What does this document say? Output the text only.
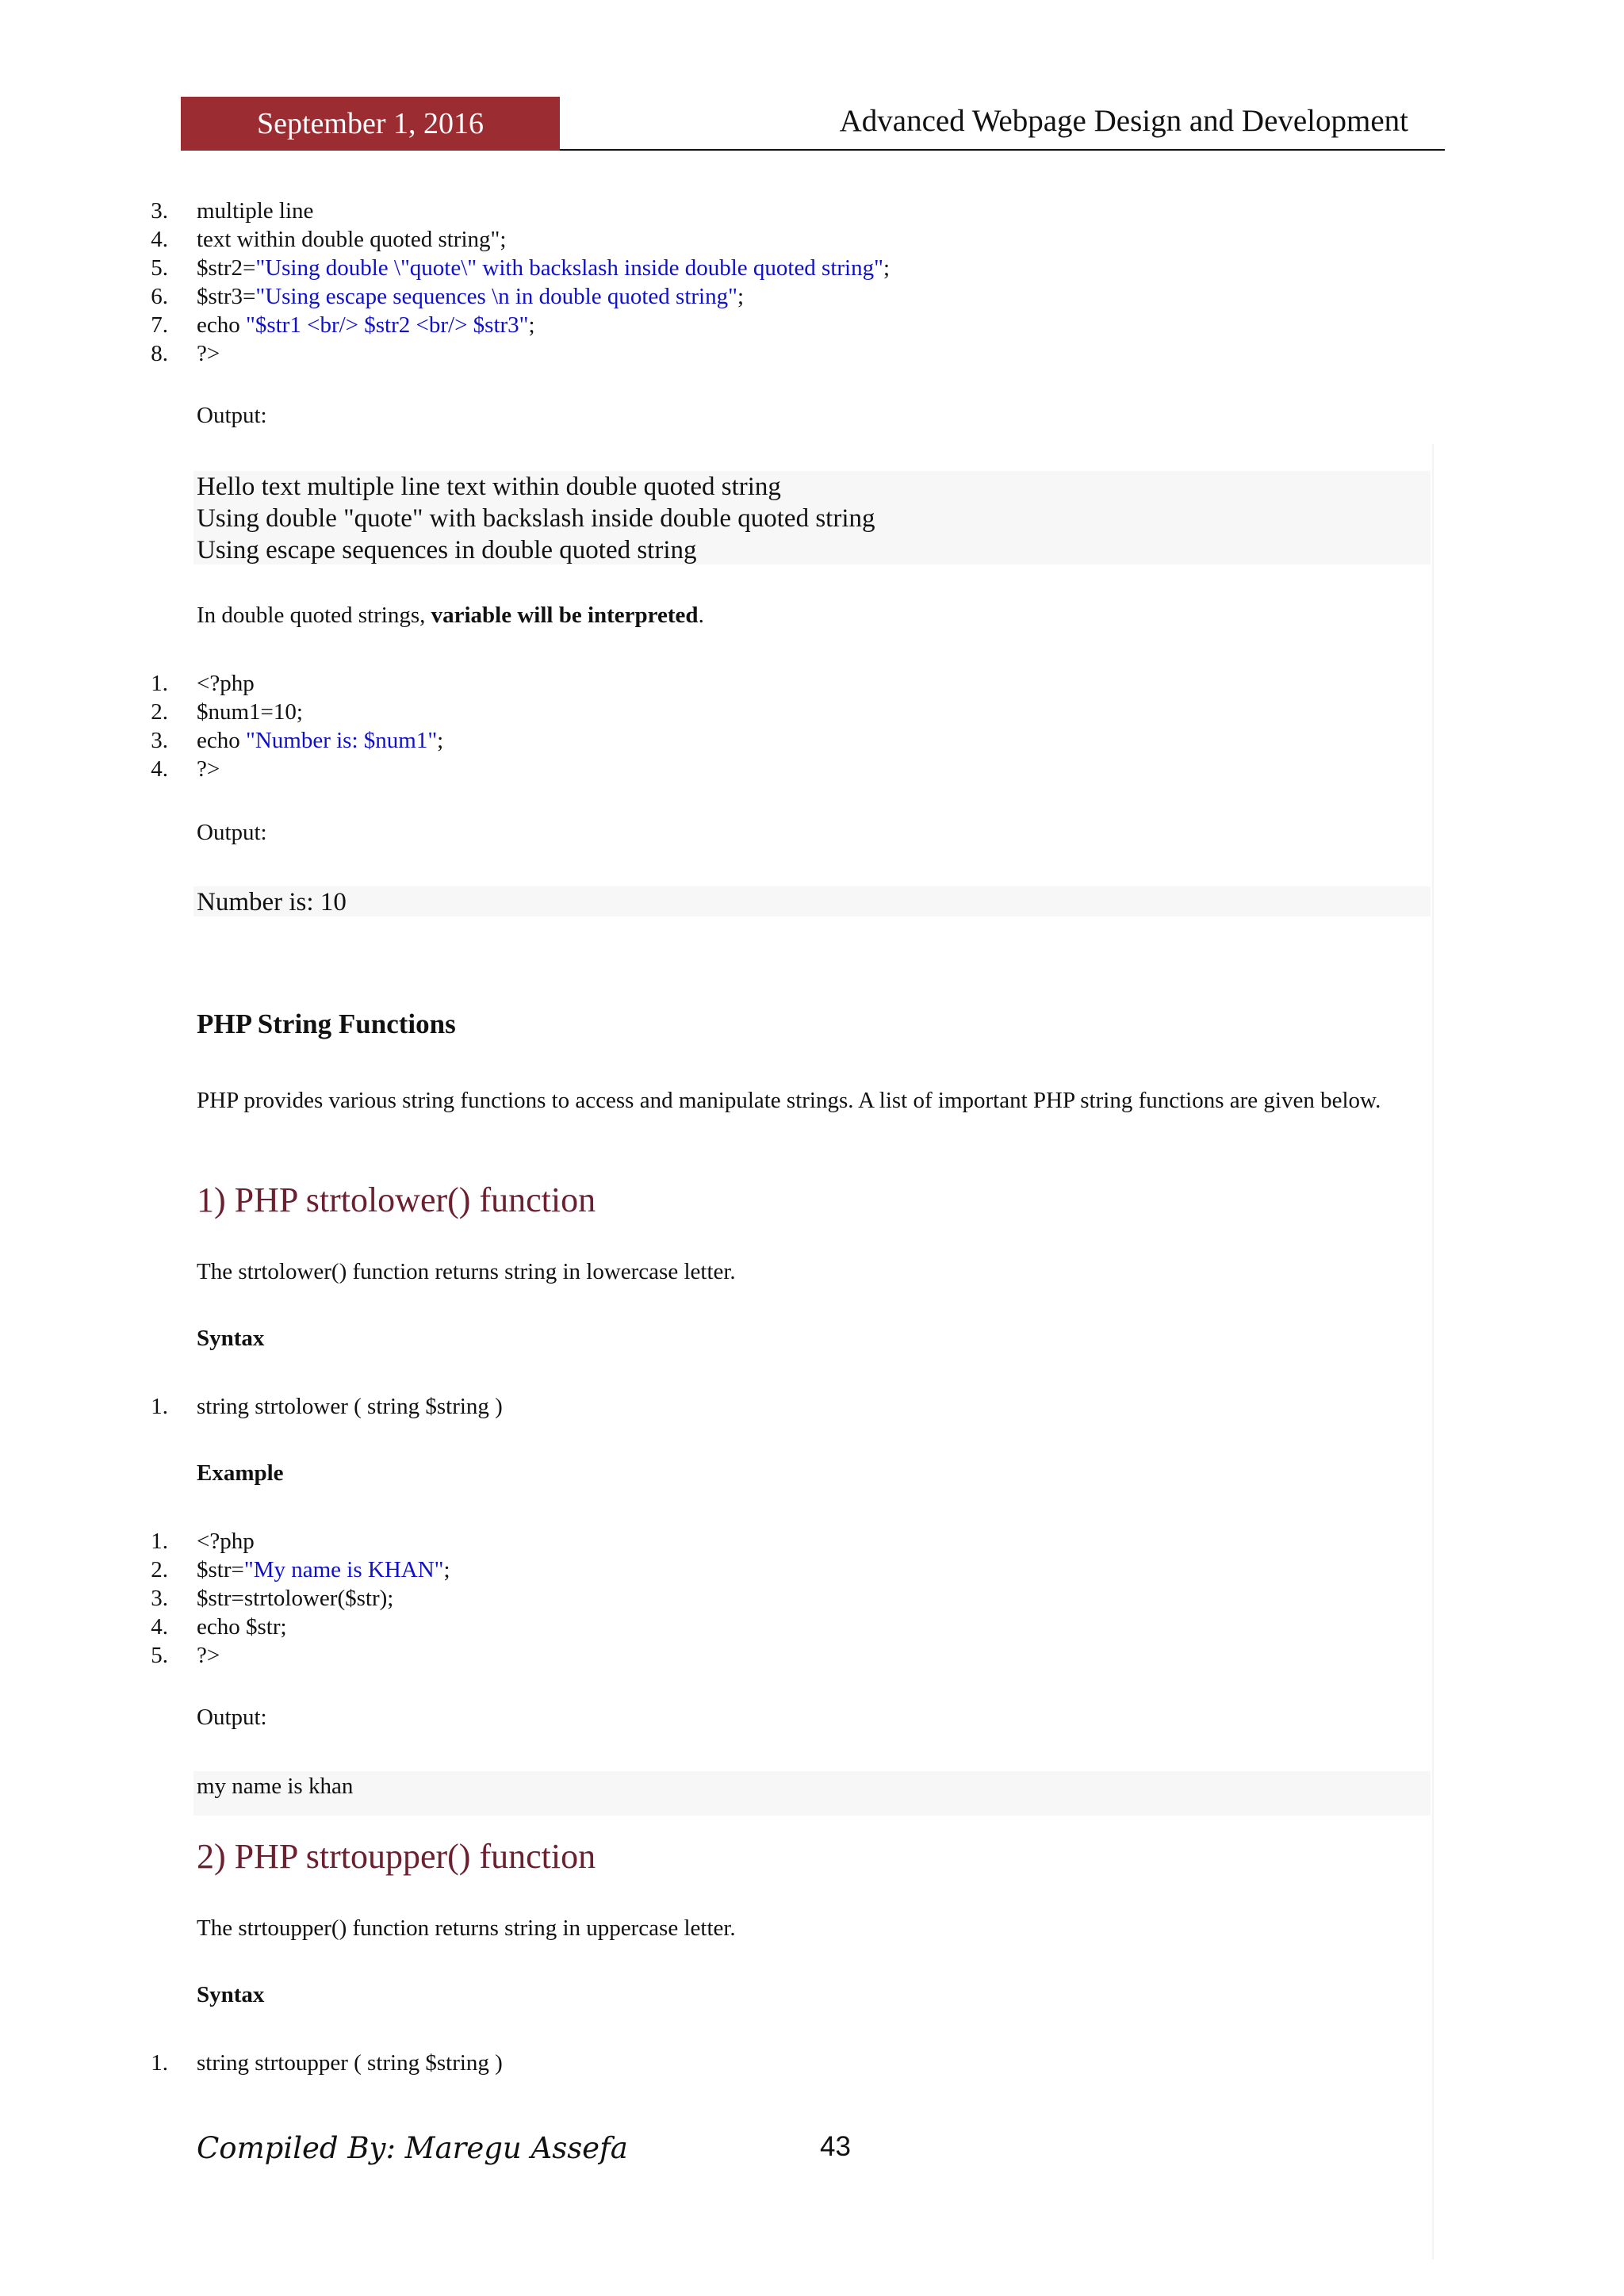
September 1, 2016	Advanced Webpage Design and Development
3. multiple line
4. text within double quoted string";
5. $str2="Using double \"quote\" with backslash inside double quoted string";
6. $str3="Using escape sequences \n in double quoted string";
7. echo "$str1 <br/> $str2 <br/> $str3";
8. ?>
Output:
Hello text multiple line text within double quoted string
Using double "quote" with backslash inside double quoted string
Using escape sequences in double quoted string
In double quoted strings, variable will be interpreted.
1. <?php
2. $num1=10;
3. echo "Number is: $num1";
4. ?>
Output:
Number is: 10
PHP String Functions
PHP provides various string functions to access and manipulate strings. A list of important PHP string functions are given below.
1) PHP strtolower() function
The strtolower() function returns string in lowercase letter.
Syntax
1. string strtolower ( string $string )
Example
1. <?php
2. $str="My name is KHAN";
3. $str=strtolower($str);
4. echo $str;
5. ?>
Output:
my name is khan
2) PHP strtoupper() function
The strtoupper() function returns string in uppercase letter.
Syntax
1. string strtoupper ( string $string )
Compiled By: Maregu Assefa	43
